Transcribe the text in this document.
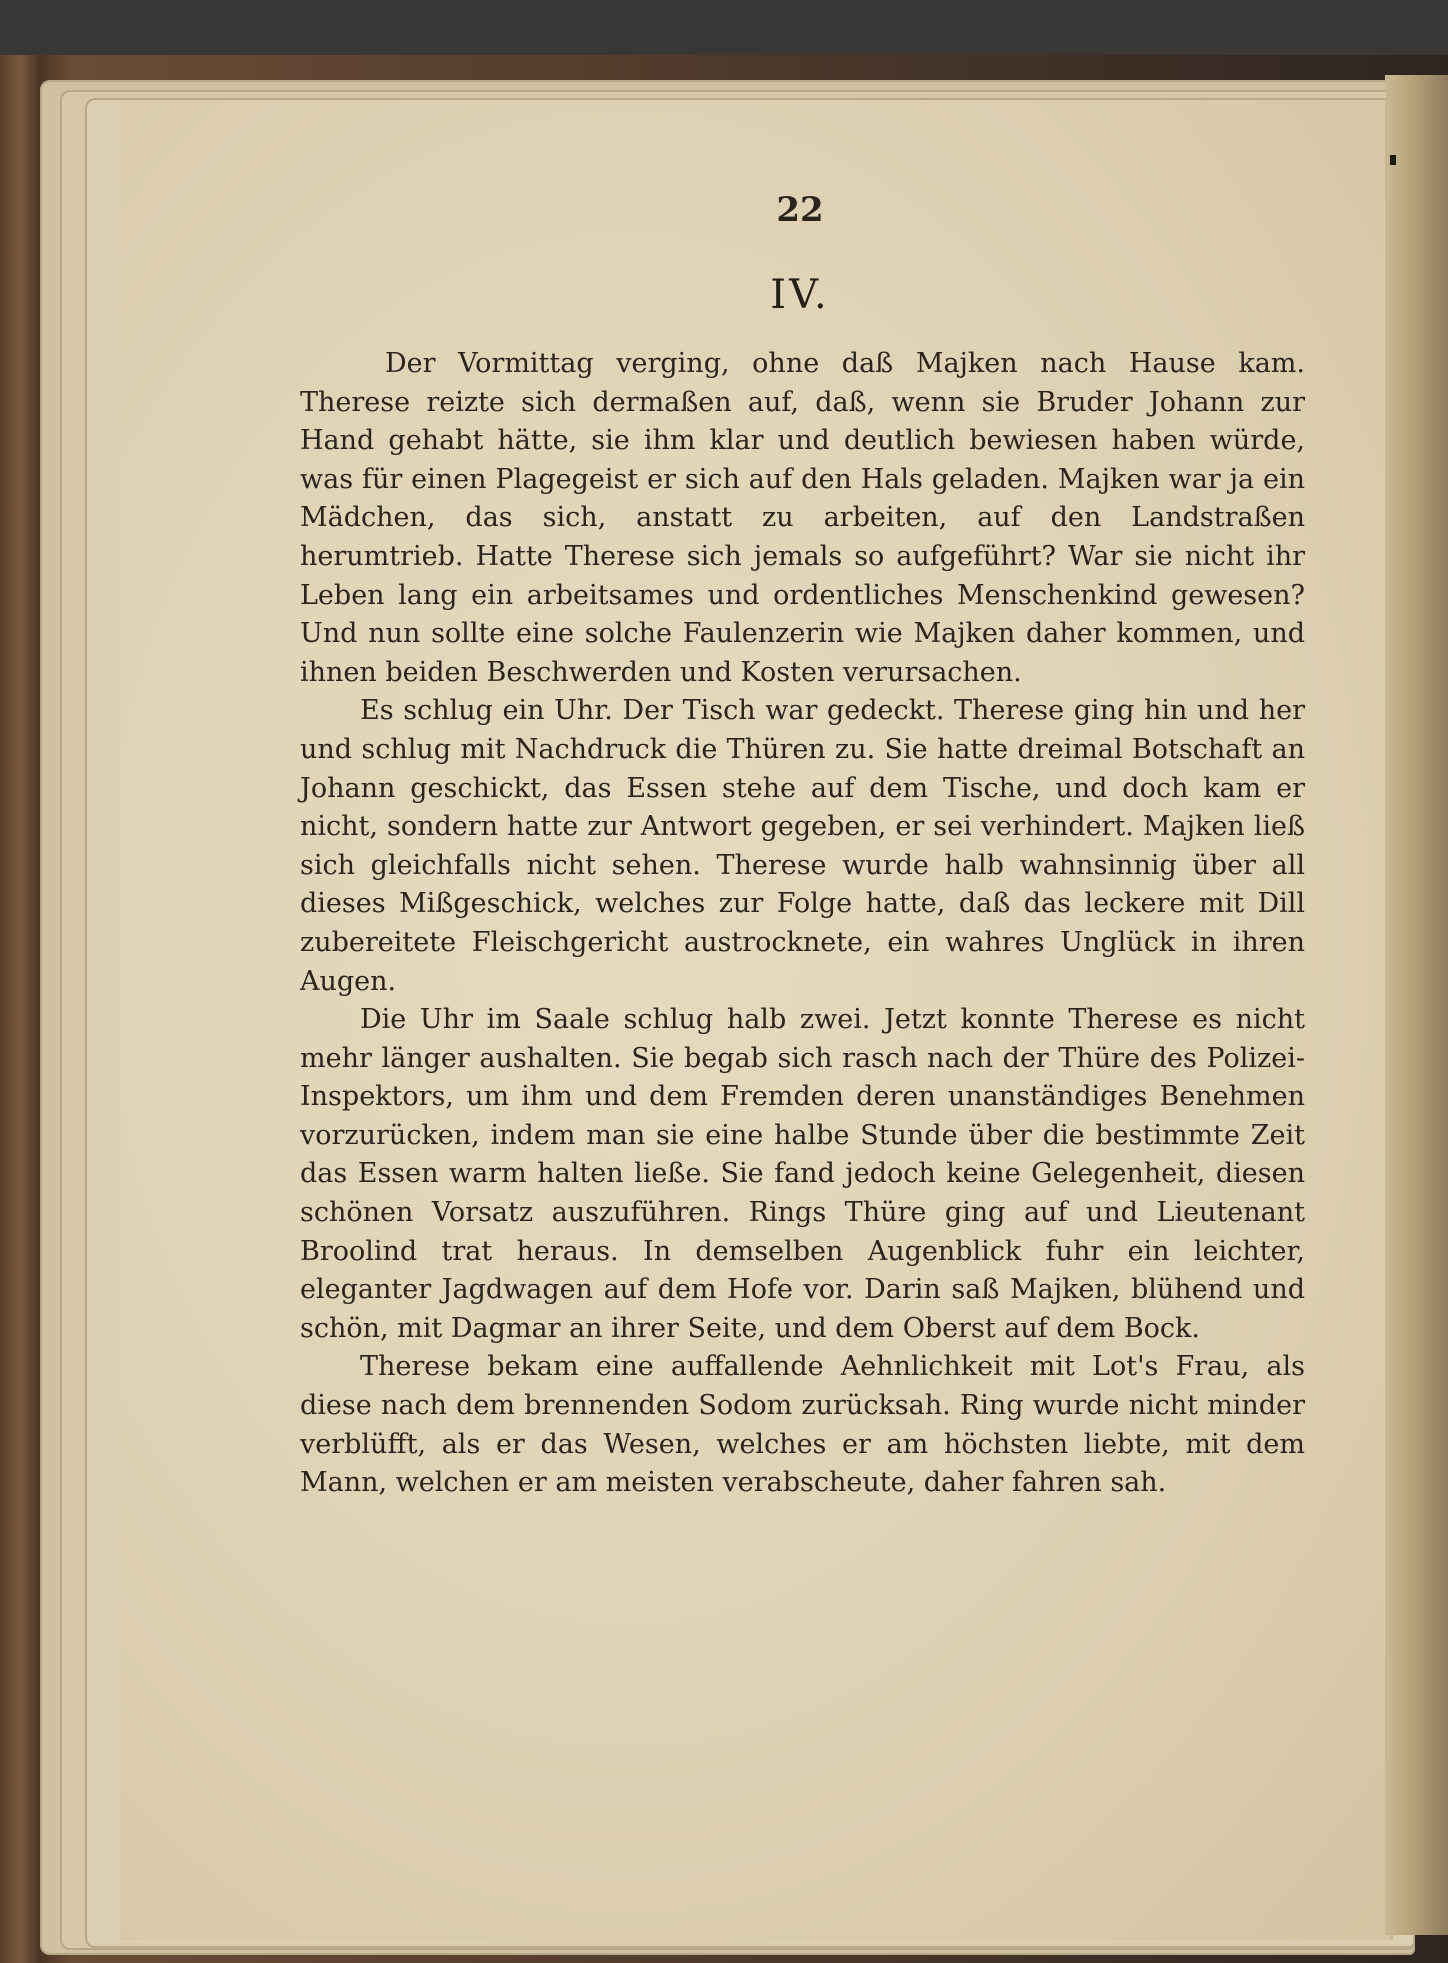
22
IV.

Der Vormittag verging, ohne daß Majken nach Hause kam. Therese reizte sich dermaßen auf, daß, wenn sie Bruder Johann zur Hand gehabt hätte, sie ihm klar und deutlich bewiesen haben würde, was für einen Plagegeist er sich auf den Hals geladen. Majken war ja ein Mädchen, das sich, anstatt zu arbeiten, auf den Landstraßen herumtrieb. Hatte Therese sich jemals so aufgeführt? War sie nicht ihr Leben lang ein arbeitsames und ordentliches Menschenkind gewesen? Und nun sollte eine solche Faulenzerin wie Majken daher kommen, und ihnen beiden Beschwerden und Kosten verursachen.

Es schlug ein Uhr. Der Tisch war gedeckt. Therese ging hin und her und schlug mit Nachdruck die Thüren zu. Sie hatte dreimal Botschaft an Johann geschickt, das Essen stehe auf dem Tische, und doch kam er nicht, sondern hatte zur Antwort gegeben, er sei verhindert. Majken ließ sich gleichfalls nicht sehen. Therese wurde halb wahnsinnig über all dieses Mißgeschick, welches zur Folge hatte, daß das leckere mit Dill zubereitete Fleischgericht austrocknete, ein wahres Unglück in ihren Augen.

Die Uhr im Saale schlug halb zwei. Jetzt konnte Therese es nicht mehr länger aushalten. Sie begab sich rasch nach der Thüre des Polizei-Inspektors, um ihm und dem Fremden deren unanständiges Benehmen vorzurücken, indem man sie eine halbe Stunde über die bestimmte Zeit das Essen warm halten ließe. Sie fand jedoch keine Gelegenheit, diesen schönen Vorsatz auszuführen. Rings Thüre ging auf und Lieutenant Broolind trat heraus. In demselben Augenblick fuhr ein leichter, eleganter Jagdwagen auf dem Hofe vor. Darin saß Majken, blühend und schön, mit Dagmar an ihrer Seite, und dem Oberst auf dem Bock.

Therese bekam eine auffallende Aehnlichkeit mit Lot's Frau, als diese nach dem brennenden Sodom zurücksah. Ring wurde nicht minder verblüfft, als er das Wesen, welches er am höchsten liebte, mit dem Mann, welchen er am meisten verabscheute, daher fahren sah.
